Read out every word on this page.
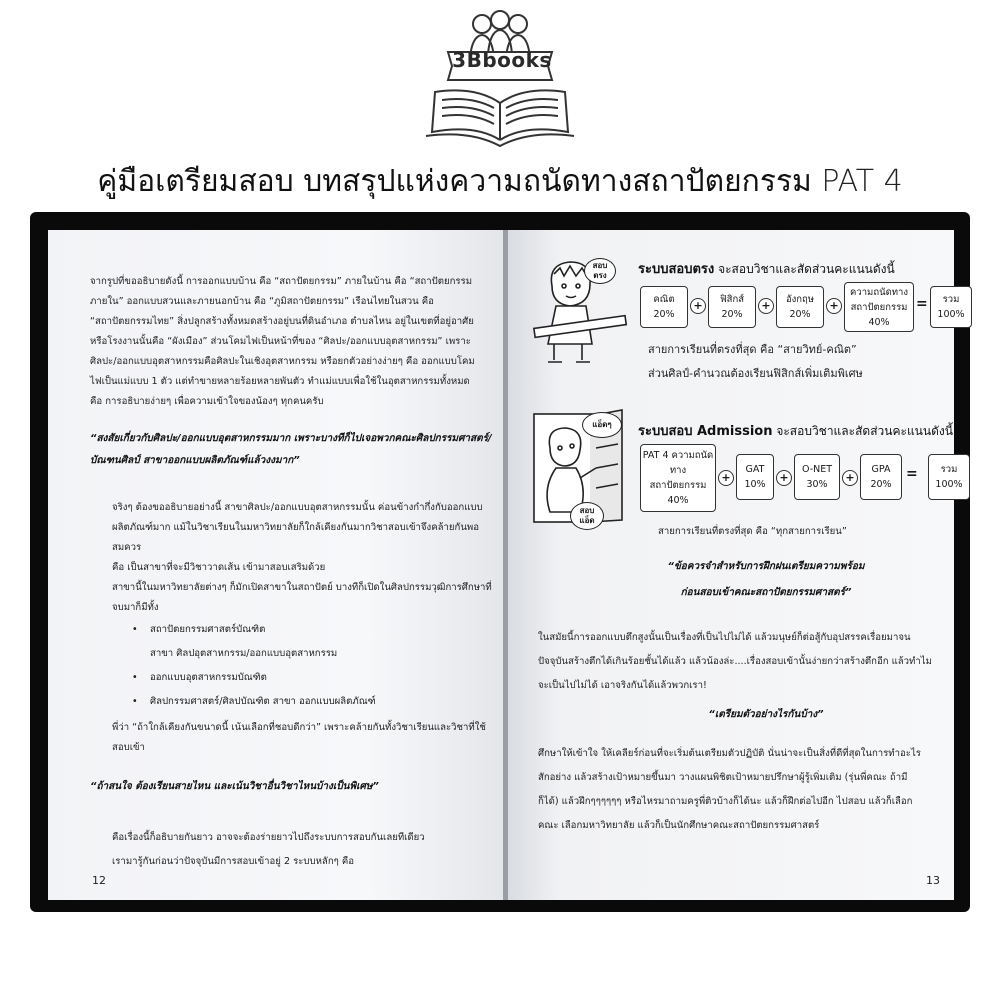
3Bbooks
คู่มือเตรียมสอบ บทสรุปแห่งความถนัดทางสถาปัตยกรรม PAT 4
จากรูปที่ขออธิบายดังนี้ การออกแบบบ้าน คือ “สถาปัตยกรรม” ภายในบ้าน คือ “สถาปัตยกรรม
ภายใน” ออกแบบสวนและภายนอกบ้าน คือ “ภูมิสถาปัตยกรรม” เรือนไทยในสวน คือ
“สถาปัตยกรรมไทย” สิ่งปลูกสร้างทั้งหมดสร้างอยู่บนที่ดินอำเภอ ตำบลไหน อยู่ในเขตที่อยู่อาศัย
หรือโรงงานนั้นคือ “ผังเมือง” ส่วนโคมไฟเป็นหน้าที่ของ “ศิลปะ/ออกแบบอุตสาหกรรม” เพราะ
ศิลปะ/ออกแบบอุตสาหกรรมคือศิลปะในเชิงอุตสาหกรรม หรือยกตัวอย่างง่ายๆ คือ ออกแบบโคม
ไฟเป็นแม่แบบ 1 ตัว แต่ทำขายหลายร้อยหลายพันตัว ทำแม่แบบเพื่อใช้ในอุตสาหกรรมทั้งหมด
คือ การอธิบายง่ายๆ เพื่อความเข้าใจของน้องๆ ทุกคนครับ
“สงสัยเกี่ยวกับศิลปะ/ออกแบบอุตสาหกรรมมาก เพราะบางทีก็ไปเจอพวกคณะศิลปกรรมศาสตร์/
บัณฑนศิลป์ สาขาออกแบบผลิตภัณฑ์แล้วงงมาก”
จริงๆ ต้องขออธิบายอย่างนี้ สาขาศิลปะ/ออกแบบอุตสาหกรรมนั้น ค่อนข้างกำกึ่งกับออกแบบ
ผลิตภัณฑ์มาก แม้ในวิชาเรียนในมหาวิทยาลัยก็ใกล้เคียงกันมากวิชาสอบเข้าจึงคล้ายกันพอสมควร
คือ เป็นสาขาที่จะมีวิชาวาดเส้น เข้ามาสอบเสริมด้วย
สาขานี้ในมหาวิทยาลัยต่างๆ ก็มักเปิดสาขาในสถาปัตย์ บางทีก็เปิดในศิลปกรรมวุฒิการศึกษาที่
จบมาก็มีทั้ง
• สถาปัตยกรรมศาสตร์บัณฑิต
สาขา ศิลปอุตสาหกรรม/ออกแบบอุตสาหกรรม
• ออกแบบอุตสาหกรรมบัณฑิต
• ศิลปกรรมศาสตร์/ศิลปบัณฑิต สาขา ออกแบบผลิตภัณฑ์
พี่ว่า “ถ้าใกล้เคียงกันขนาดนี้ เน้นเลือกที่ชอบดีกว่า” เพราะคล้ายกันทั้งวิชาเรียนและวิชาที่ใช้
สอบเข้า
“ถ้าสนใจ ต้องเรียนสายไหน และเน้นวิชาอื่นวิชาไหนบ้างเป็นพิเศษ”
คือเรื่องนี้ก็อธิบายกันยาว อาจจะต้องร่ายยาวไปถึงระบบการสอบกันเลยทีเดียว
เรามารู้กันก่อนว่าปัจจุบันมีการสอบเข้าอยู่ 2 ระบบหลักๆ คือ
12
สอบ ตรง	ระบบสอบตรง จะสอบวิชาและสัดส่วนคะแนนดังนี้
คณิต
20%
+	ฟิสิกส์
20%
+	อังกฤษ
20%
+
ความถนัดทาง สถาปัตยกรรม
40%
= รวม
100%
สายการเรียนที่ตรงที่สุด คือ “สายวิทย์-คณิต”
ส่วนศิลป์-คำนวณต้องเรียนฟิสิกส์เพิ่มเติมพิเศษ
แอ็ดๆ
สอบ แอ็ด
ระบบสอบ Admission จะสอบวิชาและสัดส่วนคะแนนดังนี้
PAT 4 ความถนัดทาง สถาปัตยกรรม
40%
+
GAT
10%
+
O-NET
30%
+
GPA
20%
= รวม
100%
สายการเรียนที่ตรงที่สุด คือ “ทุกสายการเรียน”
“ข้อควรจำสำหรับการฝึกฝนเตรียมความพร้อม
ก่อนสอบเข้าคณะสถาปัตยกรรมศาสตร์”
ในสมัยนี้การออกแบบตึกสูงนั้นเป็นเรื่องที่เป็นไปไม่ได้ แล้วมนุษย์ก็ต่อสู้กับอุปสรรคเรื่อยมาจน
ปัจจุบันสร้างตึกได้เกินร้อยชั้นได้แล้ว แล้วน้องล่ะ....เรื่องสอบเข้านั้นง่ายกว่าสร้างตึกอีก แล้วทำไม
จะเป็นไปไม่ได้ เอาจริงกันได้แล้วพวกเรา!
“เตรียมตัวอย่างไรกันบ้าง”
ศึกษาให้เข้าใจ ให้เคลียร์ก่อนที่จะเริ่มต้นเตรียมตัวปฏิบัติ นั่นน่าจะเป็นสิ่งที่ดีที่สุดในการทำอะไร
สักอย่าง แล้วสร้างเป้าหมายขึ้นมา วางแผนพิชิตเป้าหมายปรึกษาผู้รู้เพิ่มเติม (รุ่นพี่คณะ ถ้ามี
ก็ได้) แล้วฝึกๆๆๆๆๆๆ หรือไหรมาถามครูพี่ติวบ้างก็ได้นะ แล้วก็ฝึกต่อไปอีก ไปสอบ แล้วก็เลือก
คณะ เลือกมหาวิทยาลัย แล้วก็เป็นนักศึกษาคณะสถาปัตยกรรมศาสตร์
13
